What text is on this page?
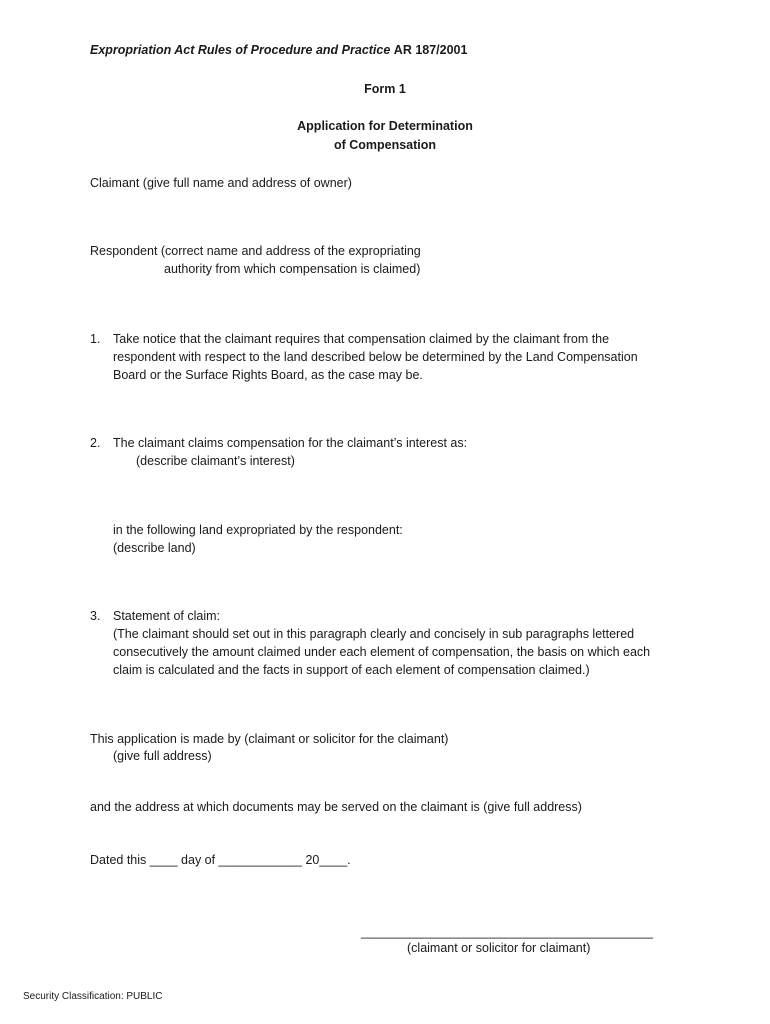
Expropriation Act Rules of Procedure and Practice AR 187/2001
Form 1
Application for Determination
of Compensation
Claimant (give full name and address of owner)
Respondent (correct name and address of the expropriating
authority from which compensation is claimed)
1. Take notice that the claimant requires that compensation claimed by the claimant from the
respondent with respect to the land described below be determined by the Land Compensation
Board or the Surface Rights Board, as the case may be.
2. The claimant claims compensation for the claimant’s interest as:
(describe claimant’s interest)
in the following land expropriated by the respondent:
(describe land)
3. Statement of claim:
(The claimant should set out in this paragraph clearly and concisely in sub paragraphs lettered
consecutively the amount claimed under each element of compensation, the basis on which each
claim is calculated and the facts in support of each element of compensation claimed.)
This application is made by (claimant or solicitor for the claimant)
(give full address)
and the address at which documents may be served on the claimant is (give full address)
Dated this ____ day of ____________ 20____.
__________________________________________
(claimant or solicitor for claimant)
Security Classification: PUBLIC
